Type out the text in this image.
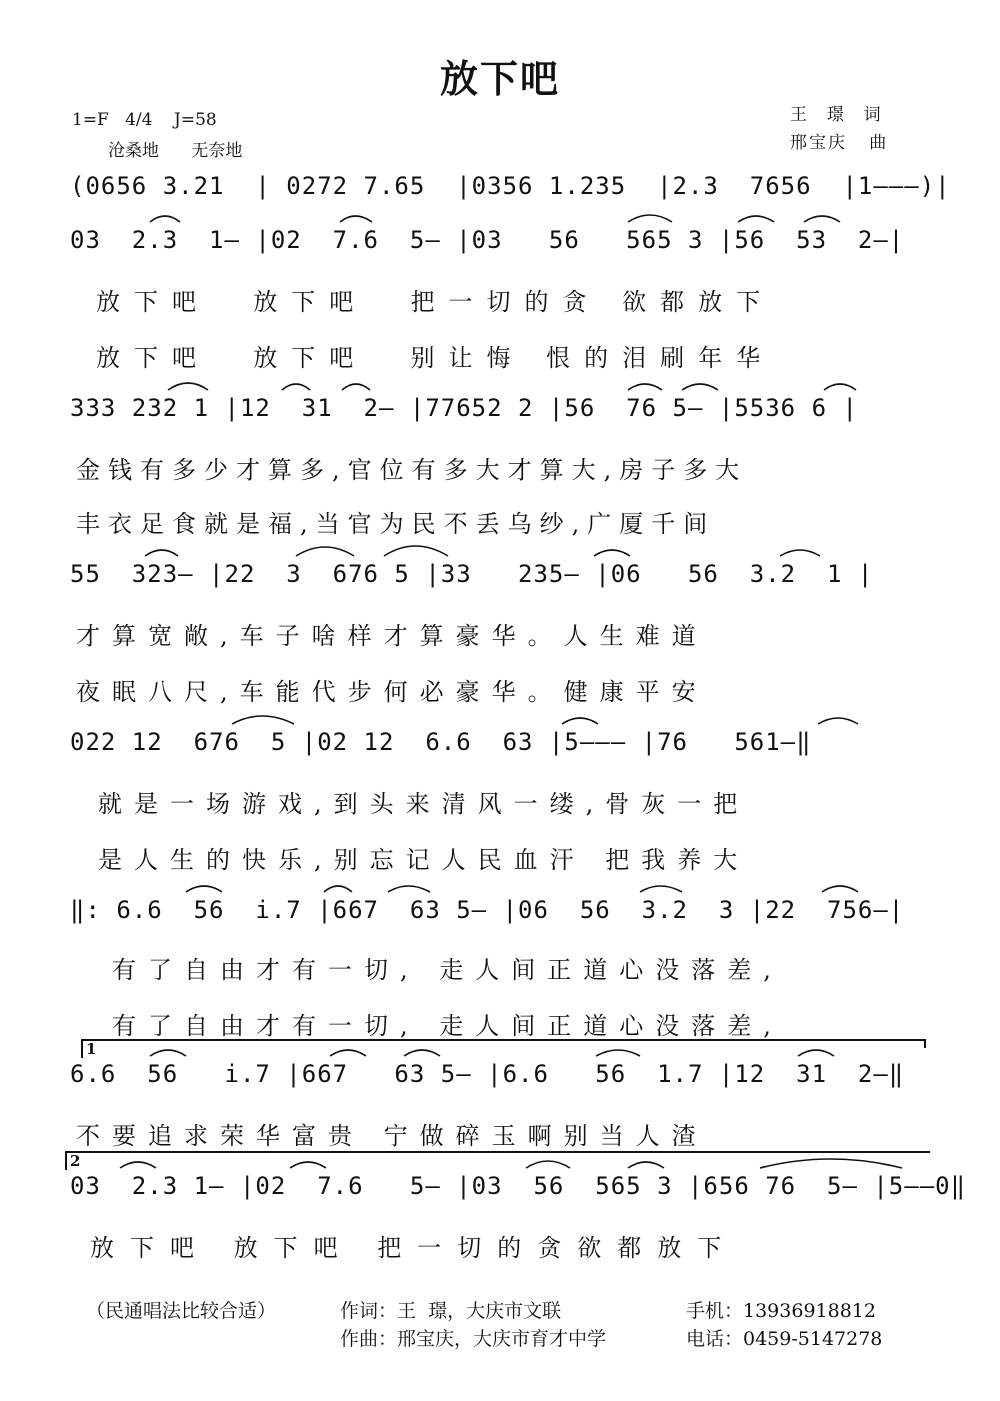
放下吧
1=F   4/4    J=58
沧桑地      无奈地
王  璟  词
邢宝庆   曲
(0656 3.21  | 0272 7.65  |0356 1.235  |2.3  7656  |1———)|
03  2.3  1— |02  7.6  5— |03   56   565 3 |56  53  2—|
放下吧  放下吧  把一切的贪 欲都放下
放下吧  放下吧  别让悔 恨的泪刷年华
333 232 1 |12  31  2— |77652 2 |56  76 5— |5536 6 |
金钱有多少才算多,官位有多大才算大,房子多大
丰衣足食就是福,当官为民不丢乌纱,广厦千间
55  323— |22  3  676 5 |33   235— |06   56  3.2  1 |
才算宽敞,车子啥样才算豪华。人生难道
夜眠八尺,车能代步何必豪华。健康平安
022 12  676  5 |02 12  6.6  63 |5——— |76   561—‖
就是一场游戏,到头来清风一缕,骨灰一把
是人生的快乐,别忘记人民血汗 把我养大
‖: 6.6  56  i.7 |667  63 5— |06  56  3.2  3 |22  756—|
有了自由才有一切, 走人间正道心没落差,
有了自由才有一切, 走人间正道心没落差,
1
6.6  56   i.7 |667   63 5— |6.6   56  1.7 |12  31  2—‖
不要追求荣华富贵 宁做碎玉啊别当人渣
2
03  2.3 1— |02  7.6   5— |03  56  565 3 |656 76  5— |5——0‖
放下吧 放下吧 把一切的贪欲都放下
（民通唱法比较合适）	作词：王  璟，大庆市文联
作曲：邢宝庆，大庆市育才中学
手机：13936918812
电话：0459-5147278
